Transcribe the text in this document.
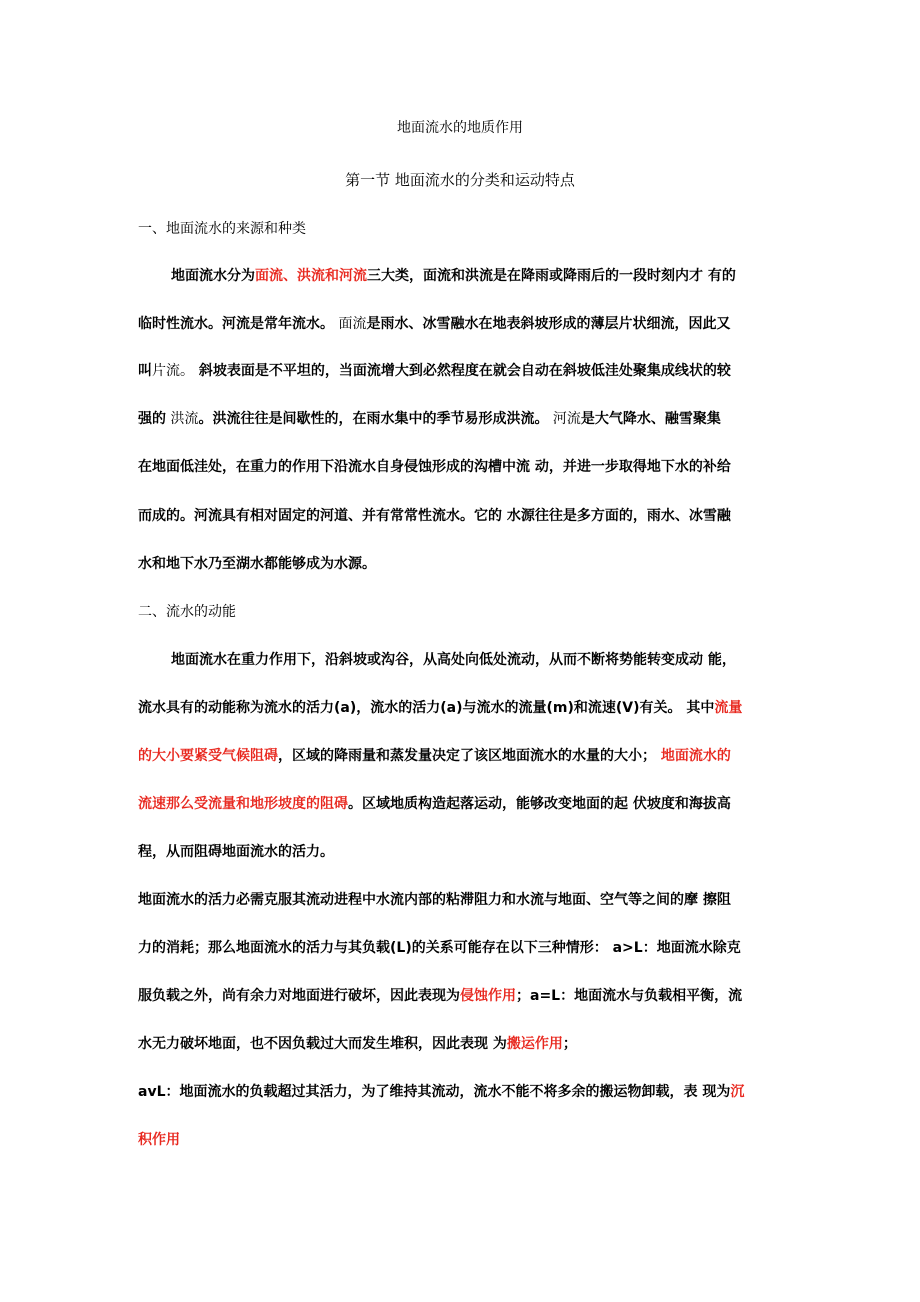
地面流水的地质作用
第一节 地面流水的分类和运动特点
一、地面流水的来源和种类
地面流水分为面流、洪流和河流三大类，面流和洪流是在降雨或降雨后的一段时刻内才 有的
临时性流水。河流是常年流水。 面流是雨水、冰雪融水在地表斜坡形成的薄层片状细流，因此又
叫片流。 斜坡表面是不平坦的，当面流增大到必然程度在就会自动在斜坡低洼处聚集成线状的较
强的 洪流。洪流往往是间歇性的，在雨水集中的季节易形成洪流。 河流是大气降水、融雪聚集
在地面低洼处，在重力的作用下沿流水自身侵蚀形成的沟槽中流 动，并进一步取得地下水的补给
而成的。河流具有相对固定的河道、并有常常性流水。它的 水源往往是多方面的，雨水、冰雪融
水和地下水乃至湖水都能够成为水源。
二、流水的动能
地面流水在重力作用下，沿斜坡或沟谷，从高处向低处流动，从而不断将势能转变成动 能，
流水具有的动能称为流水的活力(a)，流水的活力(a)与流水的流量(m)和流速(V)有关。 其中流量
的大小要紧受气候阻碍，区域的降雨量和蒸发量决定了该区地面流水的水量的大小； 地面流水的
流速那么受流量和地形坡度的阻碍。区域地质构造起落运动，能够改变地面的起 伏坡度和海拔高
程，从而阻碍地面流水的活力。
地面流水的活力必需克服其流动进程中水流内部的粘滞阻力和水流与地面、空气等之间的摩 擦阻
力的消耗；那么地面流水的活力与其负载(L)的关系可能存在以下三种情形： a>L：地面流水除克
服负载之外，尚有余力对地面进行破坏，因此表现为侵蚀作用；a=L：地面流水与负载相平衡，流
水无力破坏地面，也不因负载过大而发生堆积，因此表现 为搬运作用；
avL：地面流水的负载超过其活力，为了维持其流动，流水不能不将多余的搬运物卸载，表 现为沉
积作用
